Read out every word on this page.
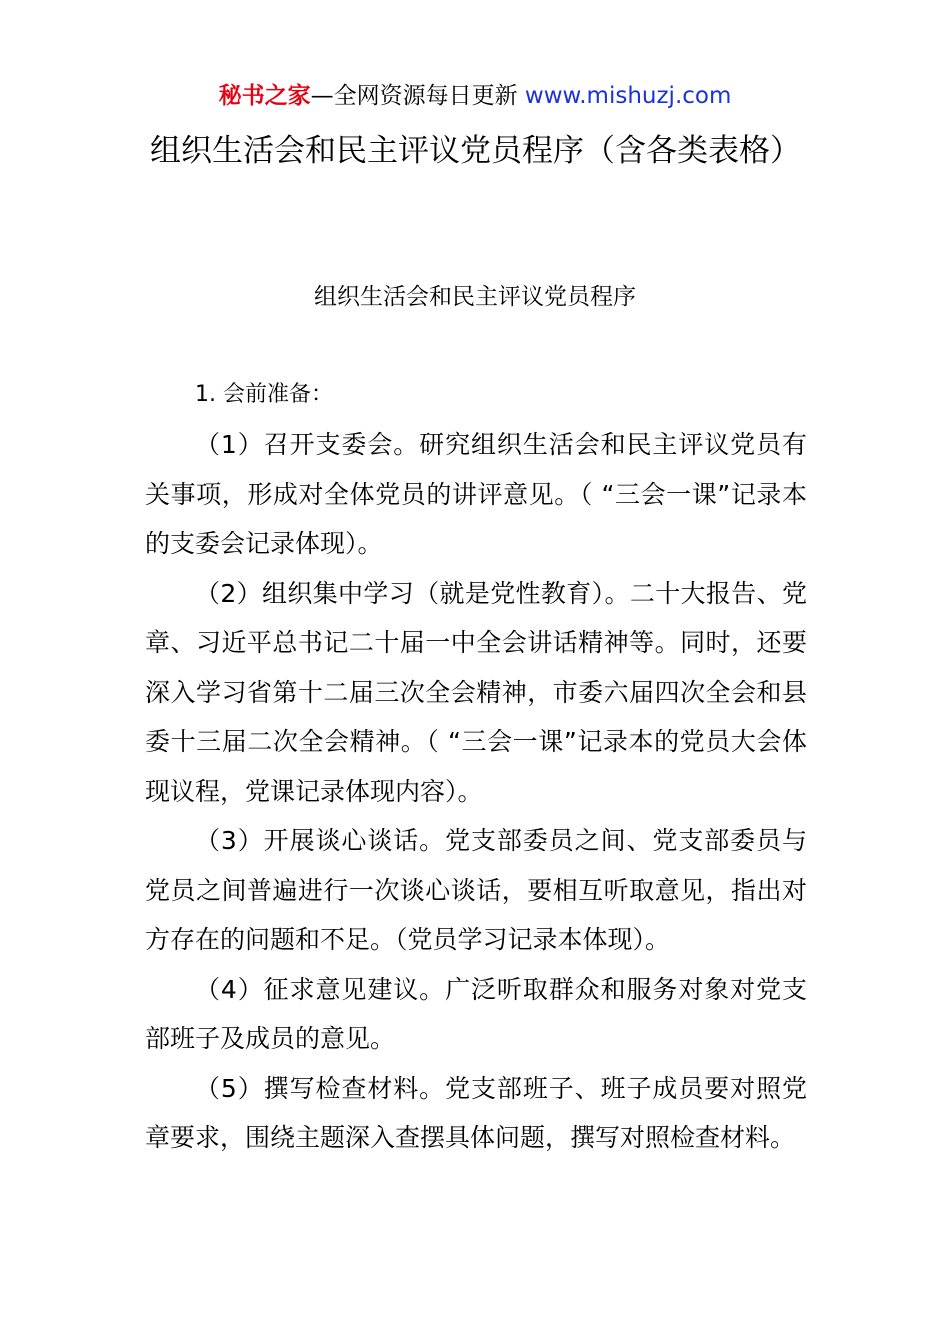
秘书之家—全网资源每日更新 www.mishuzj.com
组织生活会和民主评议党员程序（含各类表格）
组织生活会和民主评议党员程序
1. 会前准备：

（1）召开支委会。研究组织生活会和民主评议党员有关事项，形成对全体党员的讲评意见。（ “三会一课”记录本的支委会记录体现）。

（2）组织集中学习（就是党性教育）。二十大报告、党章、习近平总书记二十届一中全会讲话精神等。同时，还要深入学习省第十二届三次全会精神，市委六届四次全会和县委十三届二次全会精神。（ “三会一课”记录本的党员大会体现议程，党课记录体现内容）。

（3）开展谈心谈话。党支部委员之间、党支部委员与党员之间普遍进行一次谈心谈话，要相互听取意见，指出对方存在的问题和不足。（党员学习记录本体现）。

（4）征求意见建议。广泛听取群众和服务对象对党支部班子及成员的意见。

（5）撰写检查材料。党支部班子、班子成员要对照党章要求，围绕主题深入查摆具体问题，撰写对照检查材料。
